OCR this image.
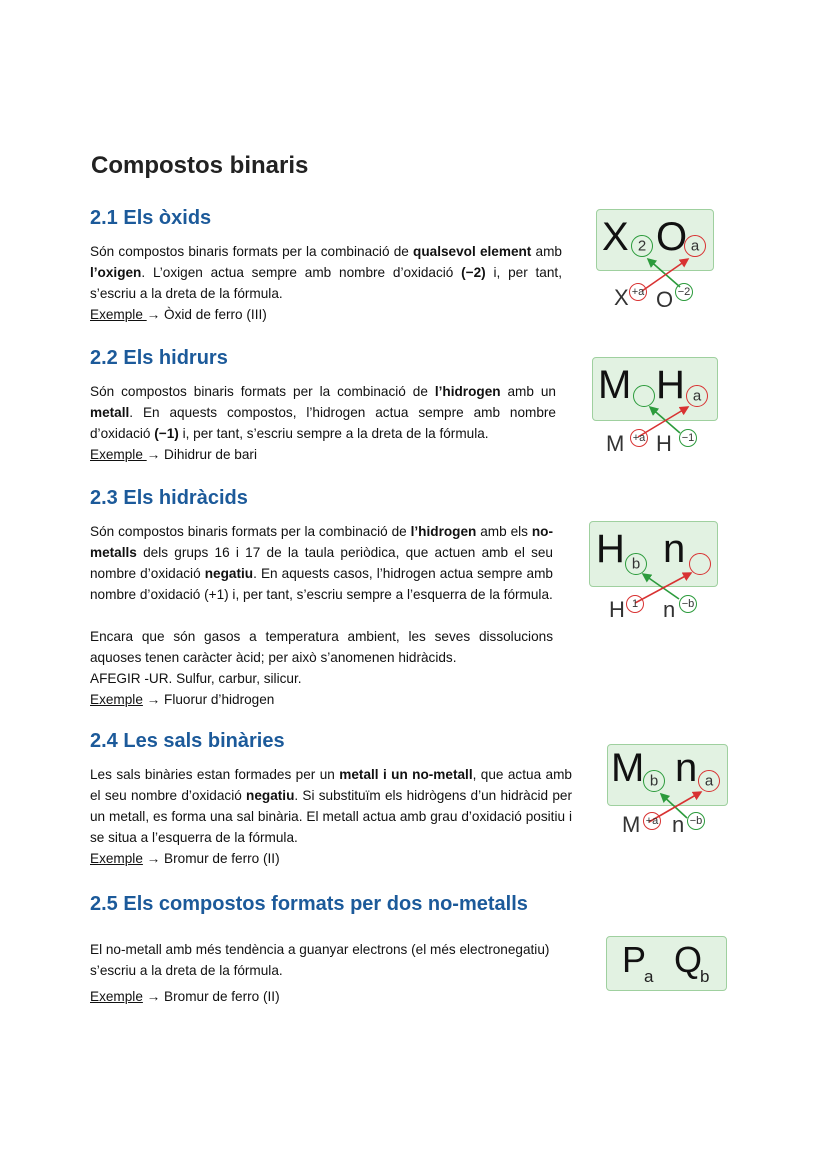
Compostos binaris
2.1 Els òxids

Són compostos binaris formats per la combinació de qualsevol element amb l’oxigen. L’oxigen actua sempre amb nombre d’oxidació (−2) i, per tant, s’escriu a la dreta de la fórmula.

Exemple → Òxid de ferro (III)
X 2 O a
X +a O −2
2.2 Els hidrurs

Són compostos binaris formats per la combinació de l’hidrogen amb un metall. En aquests compostos, l’hidrogen actua sempre amb nombre d’oxidació (−1) i, per tant, s’escriu sempre a la dreta de la fórmula.

Exemple → Dihidrur de bari
M H a
M +a H −1
2.3 Els hidràcids

Són compostos binaris formats per la combinació de l’hidrogen amb els no-metalls dels grups 16 i 17 de la taula periòdica, que actuen amb el seu nombre d’oxidació negatiu. En aquests casos, l’hidrogen actua sempre amb nombre d’oxidació (+1) i, per tant, s’escriu sempre a l’esquerra de la fórmula.

Encara que són gasos a temperatura ambient, les seves dissolucions aquoses tenen caràcter àcid; per això s’anomenen hidràcids.

AFEGIR -UR. Sulfur, carbur, silicur.
Exemple → Fluorur d’hidrogen
H b n
H 1 n −b
2.4 Les sals binàries

Les sals binàries estan formades per un metall i un no-metall, que actua amb el seu nombre d’oxidació negatiu. Si substituïm els hidrògens d’un hidràcid per un metall, es forma una sal binària. El metall actua amb grau d’oxidació positiu i se situa a l’esquerra de la fórmula.

Exemple → Bromur de ferro (II)
M b n a
M +a n −b
2.5 Els compostos formats per dos no-metalls

El no-metall amb més tendència a guanyar electrons (el més electronegatiu) s’escriu a la dreta de la fórmula.

Exemple → Bromur de ferro (II)
P
a Q
b
